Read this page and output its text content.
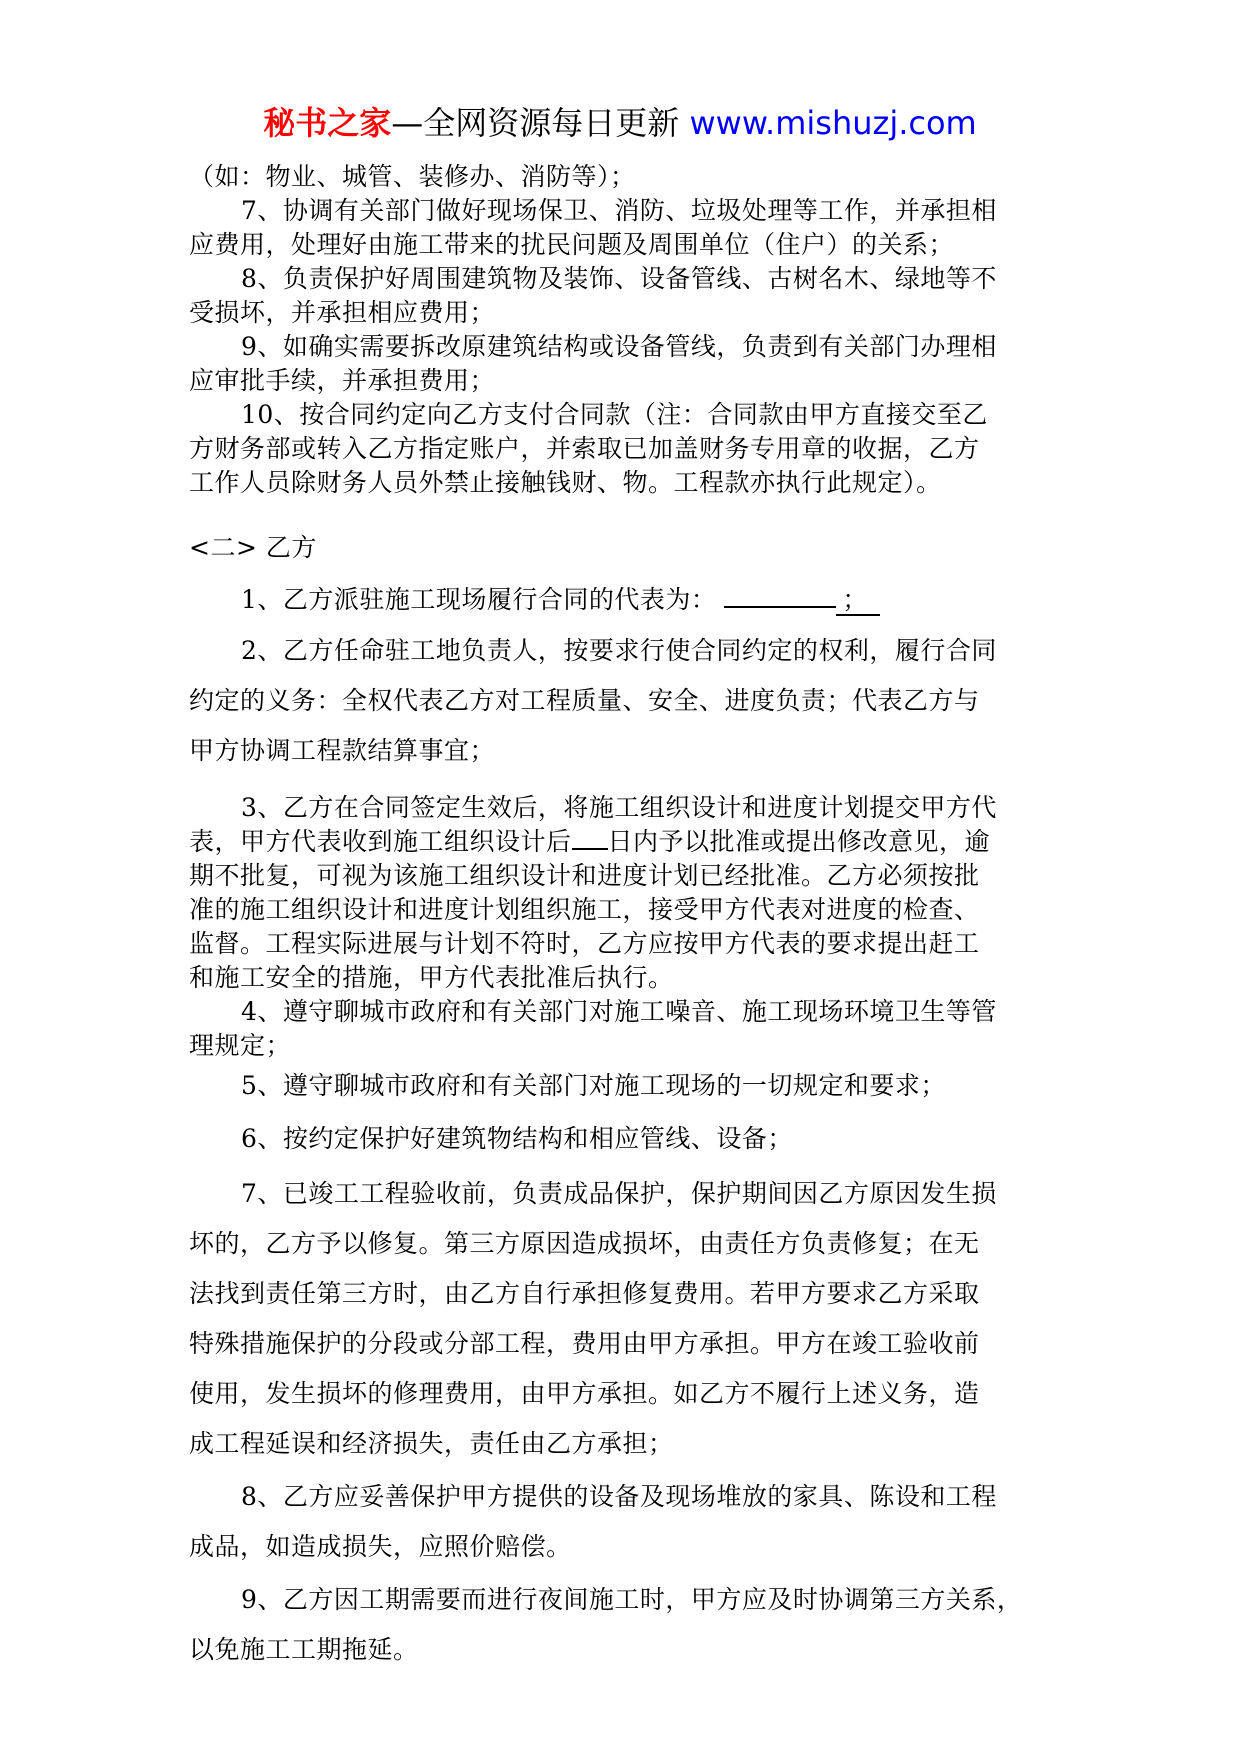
秘书之家—全网资源每日更新 www.mishuzj.com
（如：物业、城管、装修办、消防等）；
7、协调有关部门做好现场保卫、消防、垃圾处理等工作，并承担相
应费用，处理好由施工带来的扰民问题及周围单位（住户）的关系；
8、负责保护好周围建筑物及装饰、设备管线、古树名木、绿地等不
受损坏，并承担相应费用；
9、如确实需要拆改原建筑结构或设备管线，负责到有关部门办理相
应审批手续，并承担费用；
10、按合同约定向乙方支付合同款（注：合同款由甲方直接交至乙
方财务部或转入乙方指定账户，并索取已加盖财务专用章的收据，乙方
工作人员除财务人员外禁止接触钱财、物。工程款亦执行此规定）。
<二> 乙方
1、乙方派驻施工现场履行合同的代表为：	；
2、乙方任命驻工地负责人，按要求行使合同约定的权利，履行合同
约定的义务：全权代表乙方对工程质量、安全、进度负责；代表乙方与
甲方协调工程款结算事宜；
3、乙方在合同签定生效后，将施工组织设计和进度计划提交甲方代
表，甲方代表收到施工组织设计后 日内予以批准或提出修改意见，逾
期不批复，可视为该施工组织设计和进度计划已经批准。乙方必须按批
准的施工组织设计和进度计划组织施工，接受甲方代表对进度的检查、
监督。工程实际进展与计划不符时，乙方应按甲方代表的要求提出赶工
和施工安全的措施，甲方代表批准后执行。
4、遵守聊城市政府和有关部门对施工噪音、施工现场环境卫生等管
理规定；
5、遵守聊城市政府和有关部门对施工现场的一切规定和要求；
6、按约定保护好建筑物结构和相应管线、设备；
7、已竣工工程验收前，负责成品保护，保护期间因乙方原因发生损
坏的，乙方予以修复。第三方原因造成损坏，由责任方负责修复；在无
法找到责任第三方时，由乙方自行承担修复费用。若甲方要求乙方采取
特殊措施保护的分段或分部工程，费用由甲方承担。甲方在竣工验收前
使用，发生损坏的修理费用，由甲方承担。如乙方不履行上述义务，造
成工程延误和经济损失，责任由乙方承担；
8、乙方应妥善保护甲方提供的设备及现场堆放的家具、陈设和工程
成品，如造成损失，应照价赔偿。
9、乙方因工期需要而进行夜间施工时，甲方应及时协调第三方关系，
以免施工工期拖延。
